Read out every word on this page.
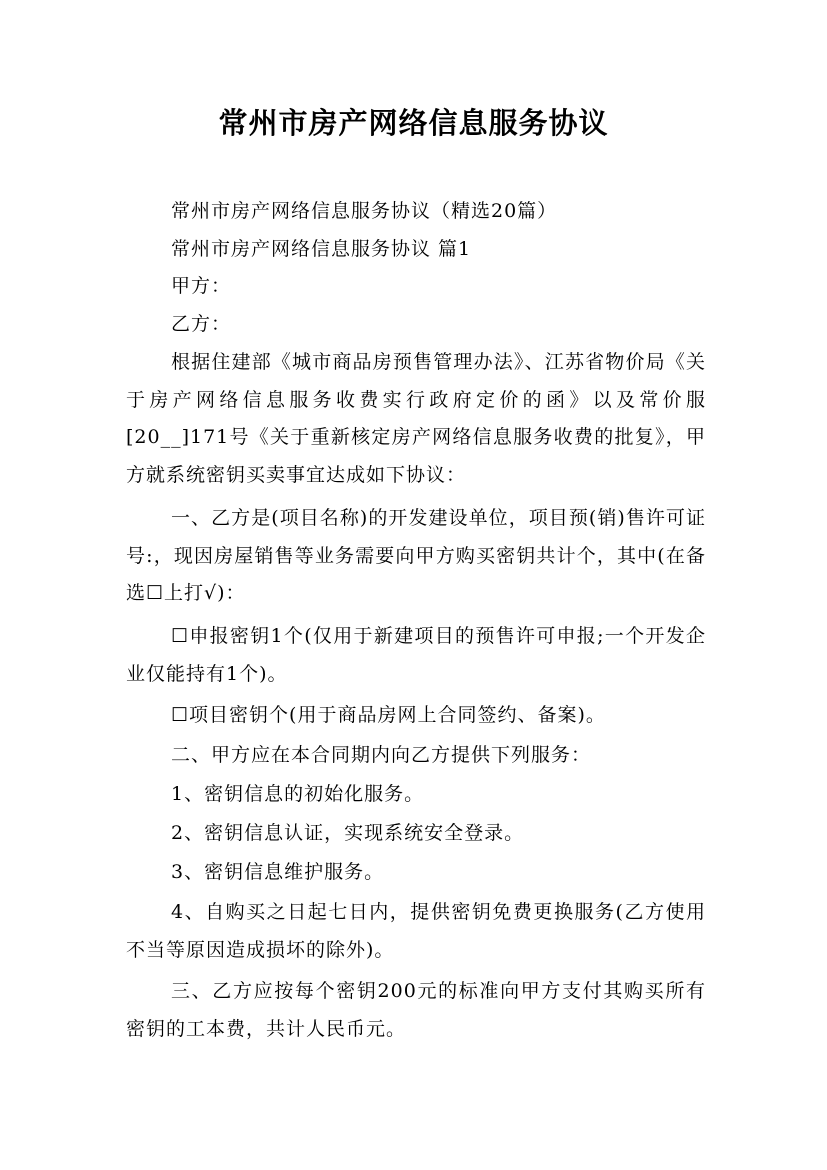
常州市房产网络信息服务协议
常州市房产网络信息服务协议（精选20篇）
常州市房产网络信息服务协议 篇1
甲方：
乙方：
根据住建部《城市商品房预售管理办法》、江苏省物价局《关于房产网络信息服务收费实行政府定价的函》以及常价服[20__]171号《关于重新核定房产网络信息服务收费的批复》，甲方就系统密钥买卖事宜达成如下协议：
一、乙方是(项目名称)的开发建设单位，项目预(销)售许可证号:，现因房屋销售等业务需要向甲方购买密钥共计个，其中(在备选☐上打√)：
☐申报密钥1个(仅用于新建项目的预售许可申报;一个开发企业仅能持有1个)。
☐项目密钥个(用于商品房网上合同签约、备案)。
二、甲方应在本合同期内向乙方提供下列服务：
1、密钥信息的初始化服务。
2、密钥信息认证，实现系统安全登录。
3、密钥信息维护服务。
4、自购买之日起七日内，提供密钥免费更换服务(乙方使用不当等原因造成损坏的除外)。
三、乙方应按每个密钥200元的标准向甲方支付其购买所有密钥的工本费，共计人民币元。
